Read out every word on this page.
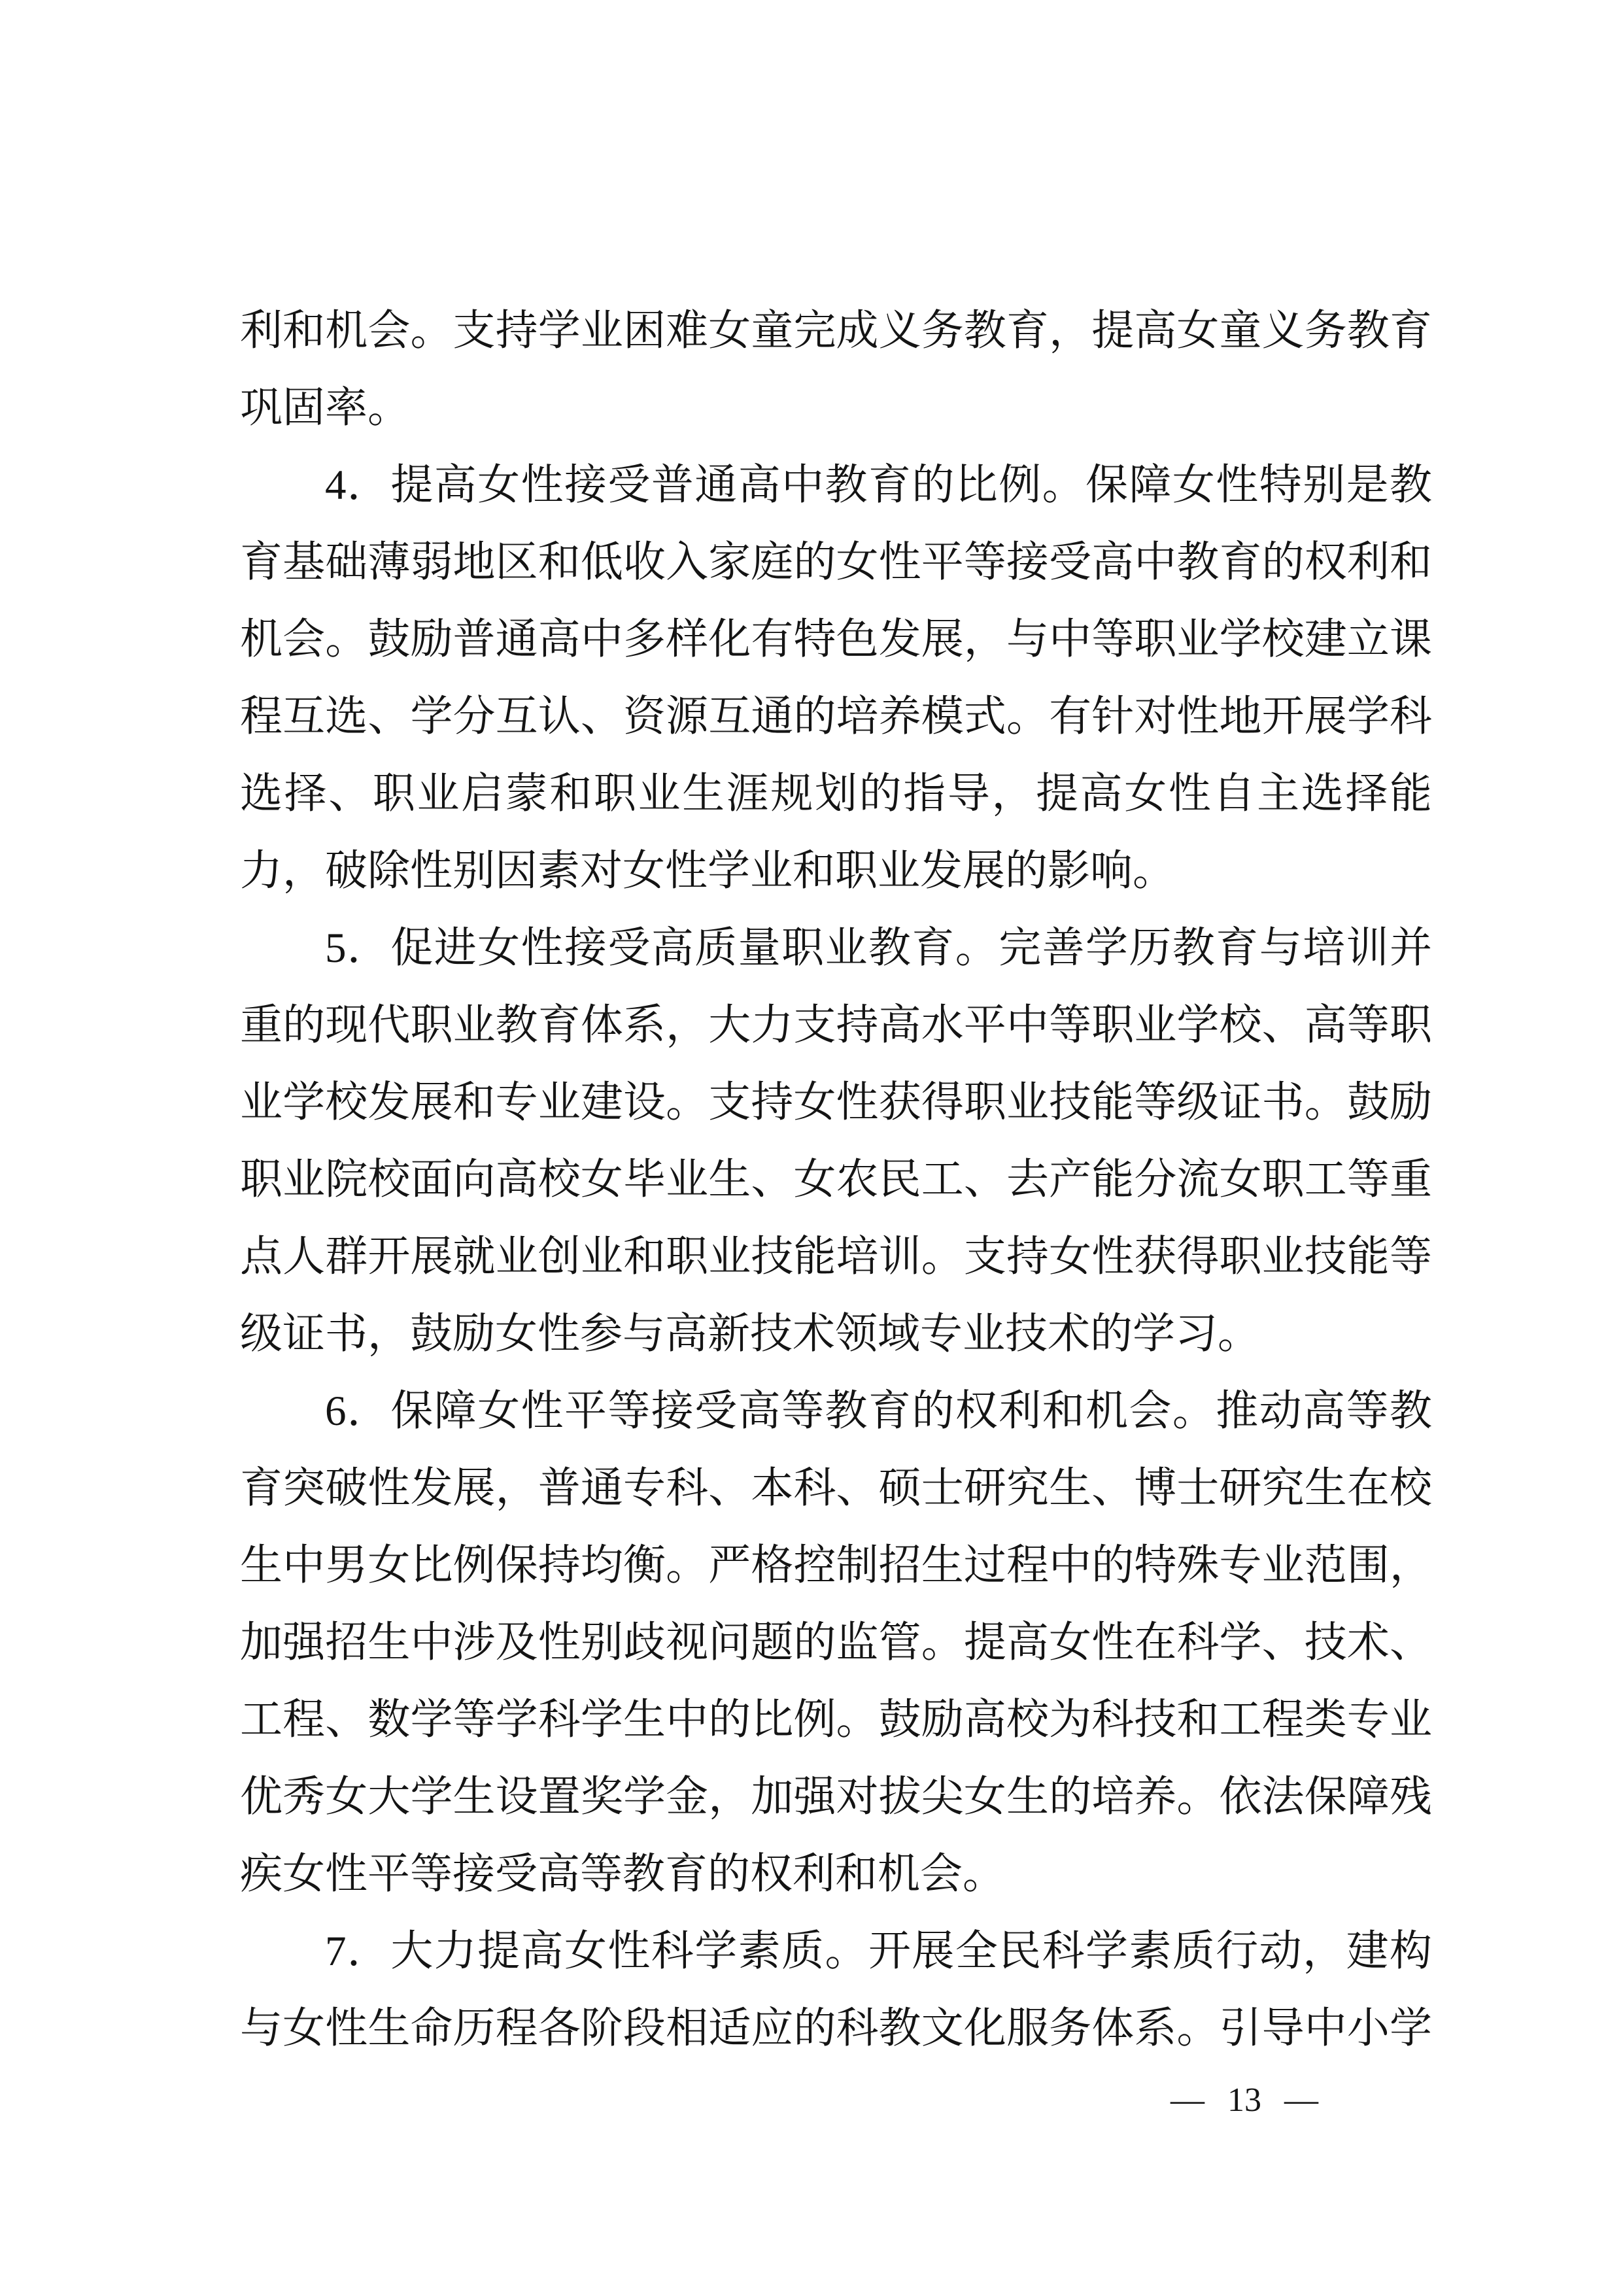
利和机会。支持学业困难女童完成义务教育，提高女童义务教育
巩固率。
4．提高女性接受普通高中教育的比例。保障女性特别是教
育基础薄弱地区和低收入家庭的女性平等接受高中教育的权利和
机会。鼓励普通高中多样化有特色发展，与中等职业学校建立课
程互选、学分互认、资源互通的培养模式。有针对性地开展学科
选择、职业启蒙和职业生涯规划的指导，提高女性自主选择能
力，破除性别因素对女性学业和职业发展的影响。
5．促进女性接受高质量职业教育。完善学历教育与培训并
重的现代职业教育体系，大力支持高水平中等职业学校、高等职
业学校发展和专业建设。支持女性获得职业技能等级证书。鼓励
职业院校面向高校女毕业生、女农民工、去产能分流女职工等重
点人群开展就业创业和职业技能培训。支持女性获得职业技能等
级证书，鼓励女性参与高新技术领域专业技术的学习。
6．保障女性平等接受高等教育的权利和机会。推动高等教
育突破性发展，普通专科、本科、硕士研究生、博士研究生在校
生中男女比例保持均衡。严格控制招生过程中的特殊专业范围，
加强招生中涉及性别歧视问题的监管。提高女性在科学、技术、
工程、数学等学科学生中的比例。鼓励高校为科技和工程类专业
优秀女大学生设置奖学金，加强对拔尖女生的培养。依法保障残
疾女性平等接受高等教育的权利和机会。
7．大力提高女性科学素质。开展全民科学素质行动，建构
与女性生命历程各阶段相适应的科教文化服务体系。引导中小学
— 13 —
